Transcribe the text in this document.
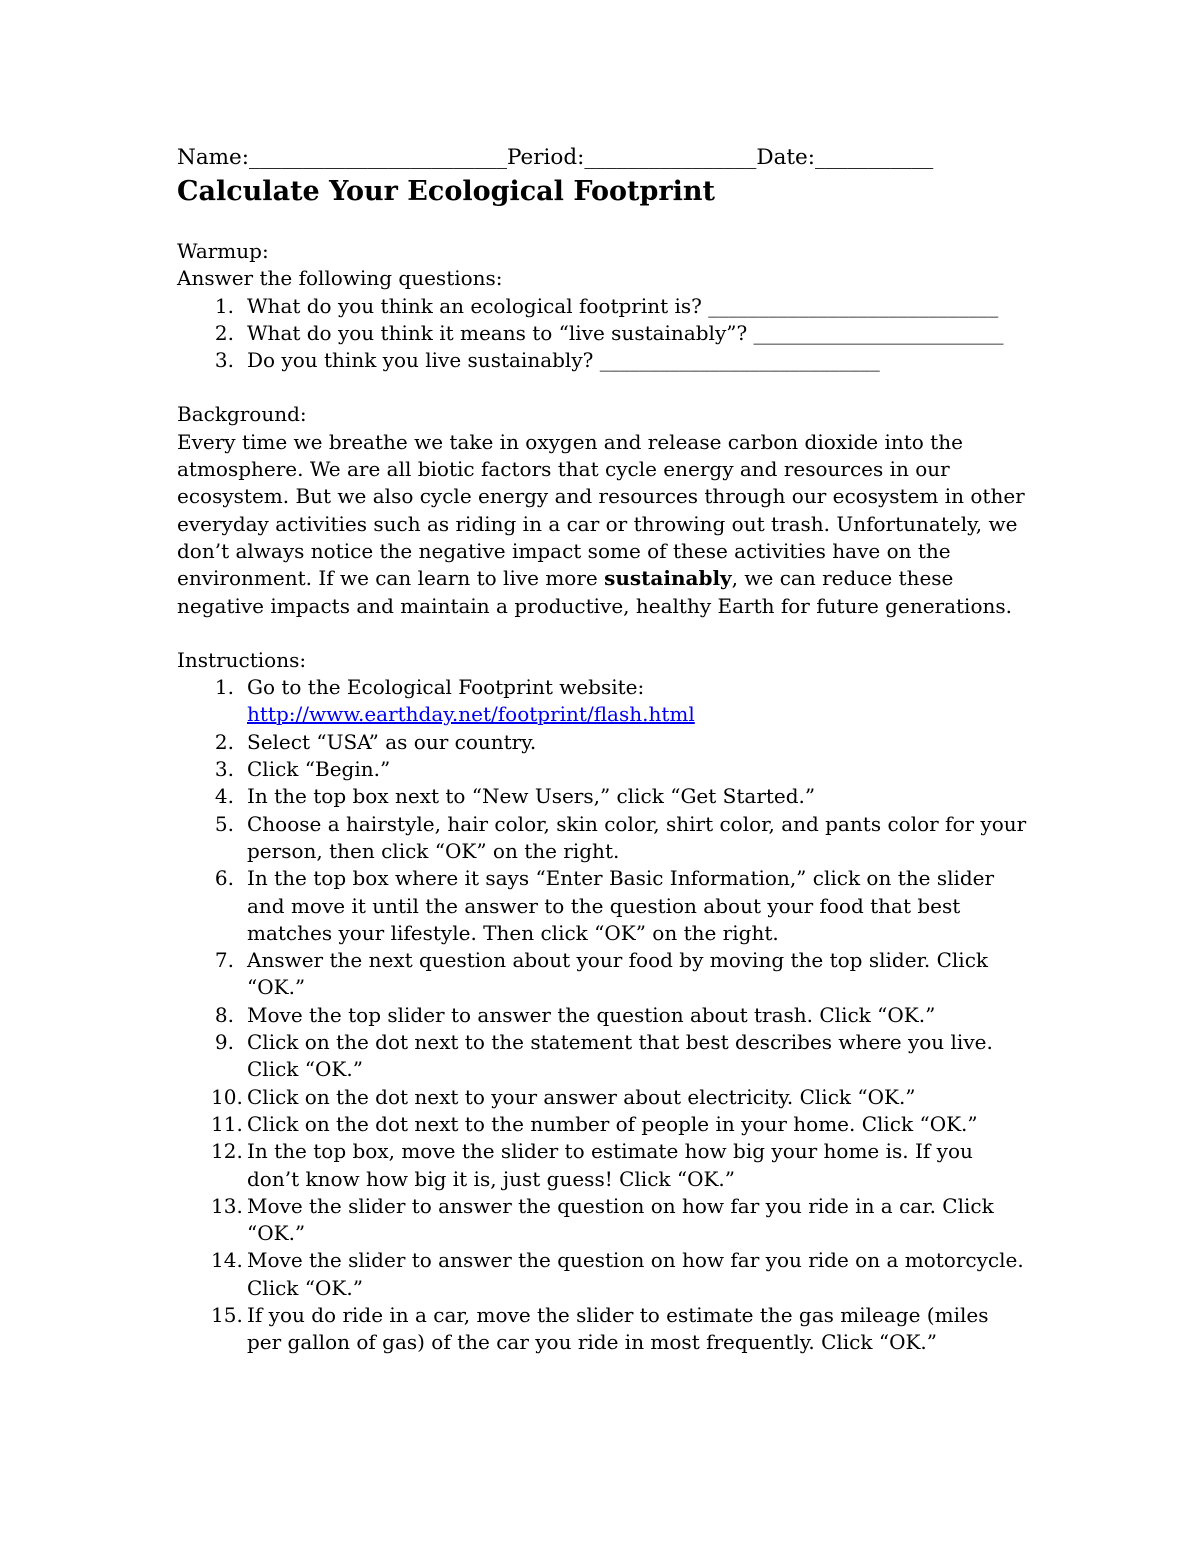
Name:________________________Period:________________Date:___________
Calculate Your Ecological Footprint

Warmup:

Answer the following questions:

1. What do you think an ecological footprint is? _____________________________
2. What do you think it means to “live sustainably”? _________________________
3. Do you think you live sustainably? ____________________________

Background:

Every time we breathe we take in oxygen and release carbon dioxide into the atmosphere. We are all biotic factors that cycle energy and resources in our ecosystem. But we also cycle energy and resources through our ecosystem in other everyday activities such as riding in a car or throwing out trash. Unfortunately, we don’t always notice the negative impact some of these activities have on the environment. If we can learn to live more sustainably, we can reduce these negative impacts and maintain a productive, healthy Earth for future generations.

Instructions:

1. Go to the Ecological Footprint website:
http://www.earthday.net/footprint/flash.html
2. Select “USA” as our country.
3. Click “Begin.”
4. In the top box next to “New Users,” click “Get Started.”
5. Choose a hairstyle, hair color, skin color, shirt color, and pants color for your person, then click “OK” on the right.
6. In the top box where it says “Enter Basic Information,” click on the slider and move it until the answer to the question about your food that best matches your lifestyle. Then click “OK” on the right.
7. Answer the next question about your food by moving the top slider. Click “OK.”
8. Move the top slider to answer the question about trash. Click “OK.”
9. Click on the dot next to the statement that best describes where you live. Click “OK.”
10. Click on the dot next to your answer about electricity. Click “OK.”
11. Click on the dot next to the number of people in your home. Click “OK.”
12. In the top box, move the slider to estimate how big your home is. If you don’t know how big it is, just guess! Click “OK.”
13. Move the slider to answer the question on how far you ride in a car. Click “OK.”
14. Move the slider to answer the question on how far you ride on a motorcycle. Click “OK.”
15. If you do ride in a car, move the slider to estimate the gas mileage (miles per gallon of gas) of the car you ride in most frequently. Click “OK.”
